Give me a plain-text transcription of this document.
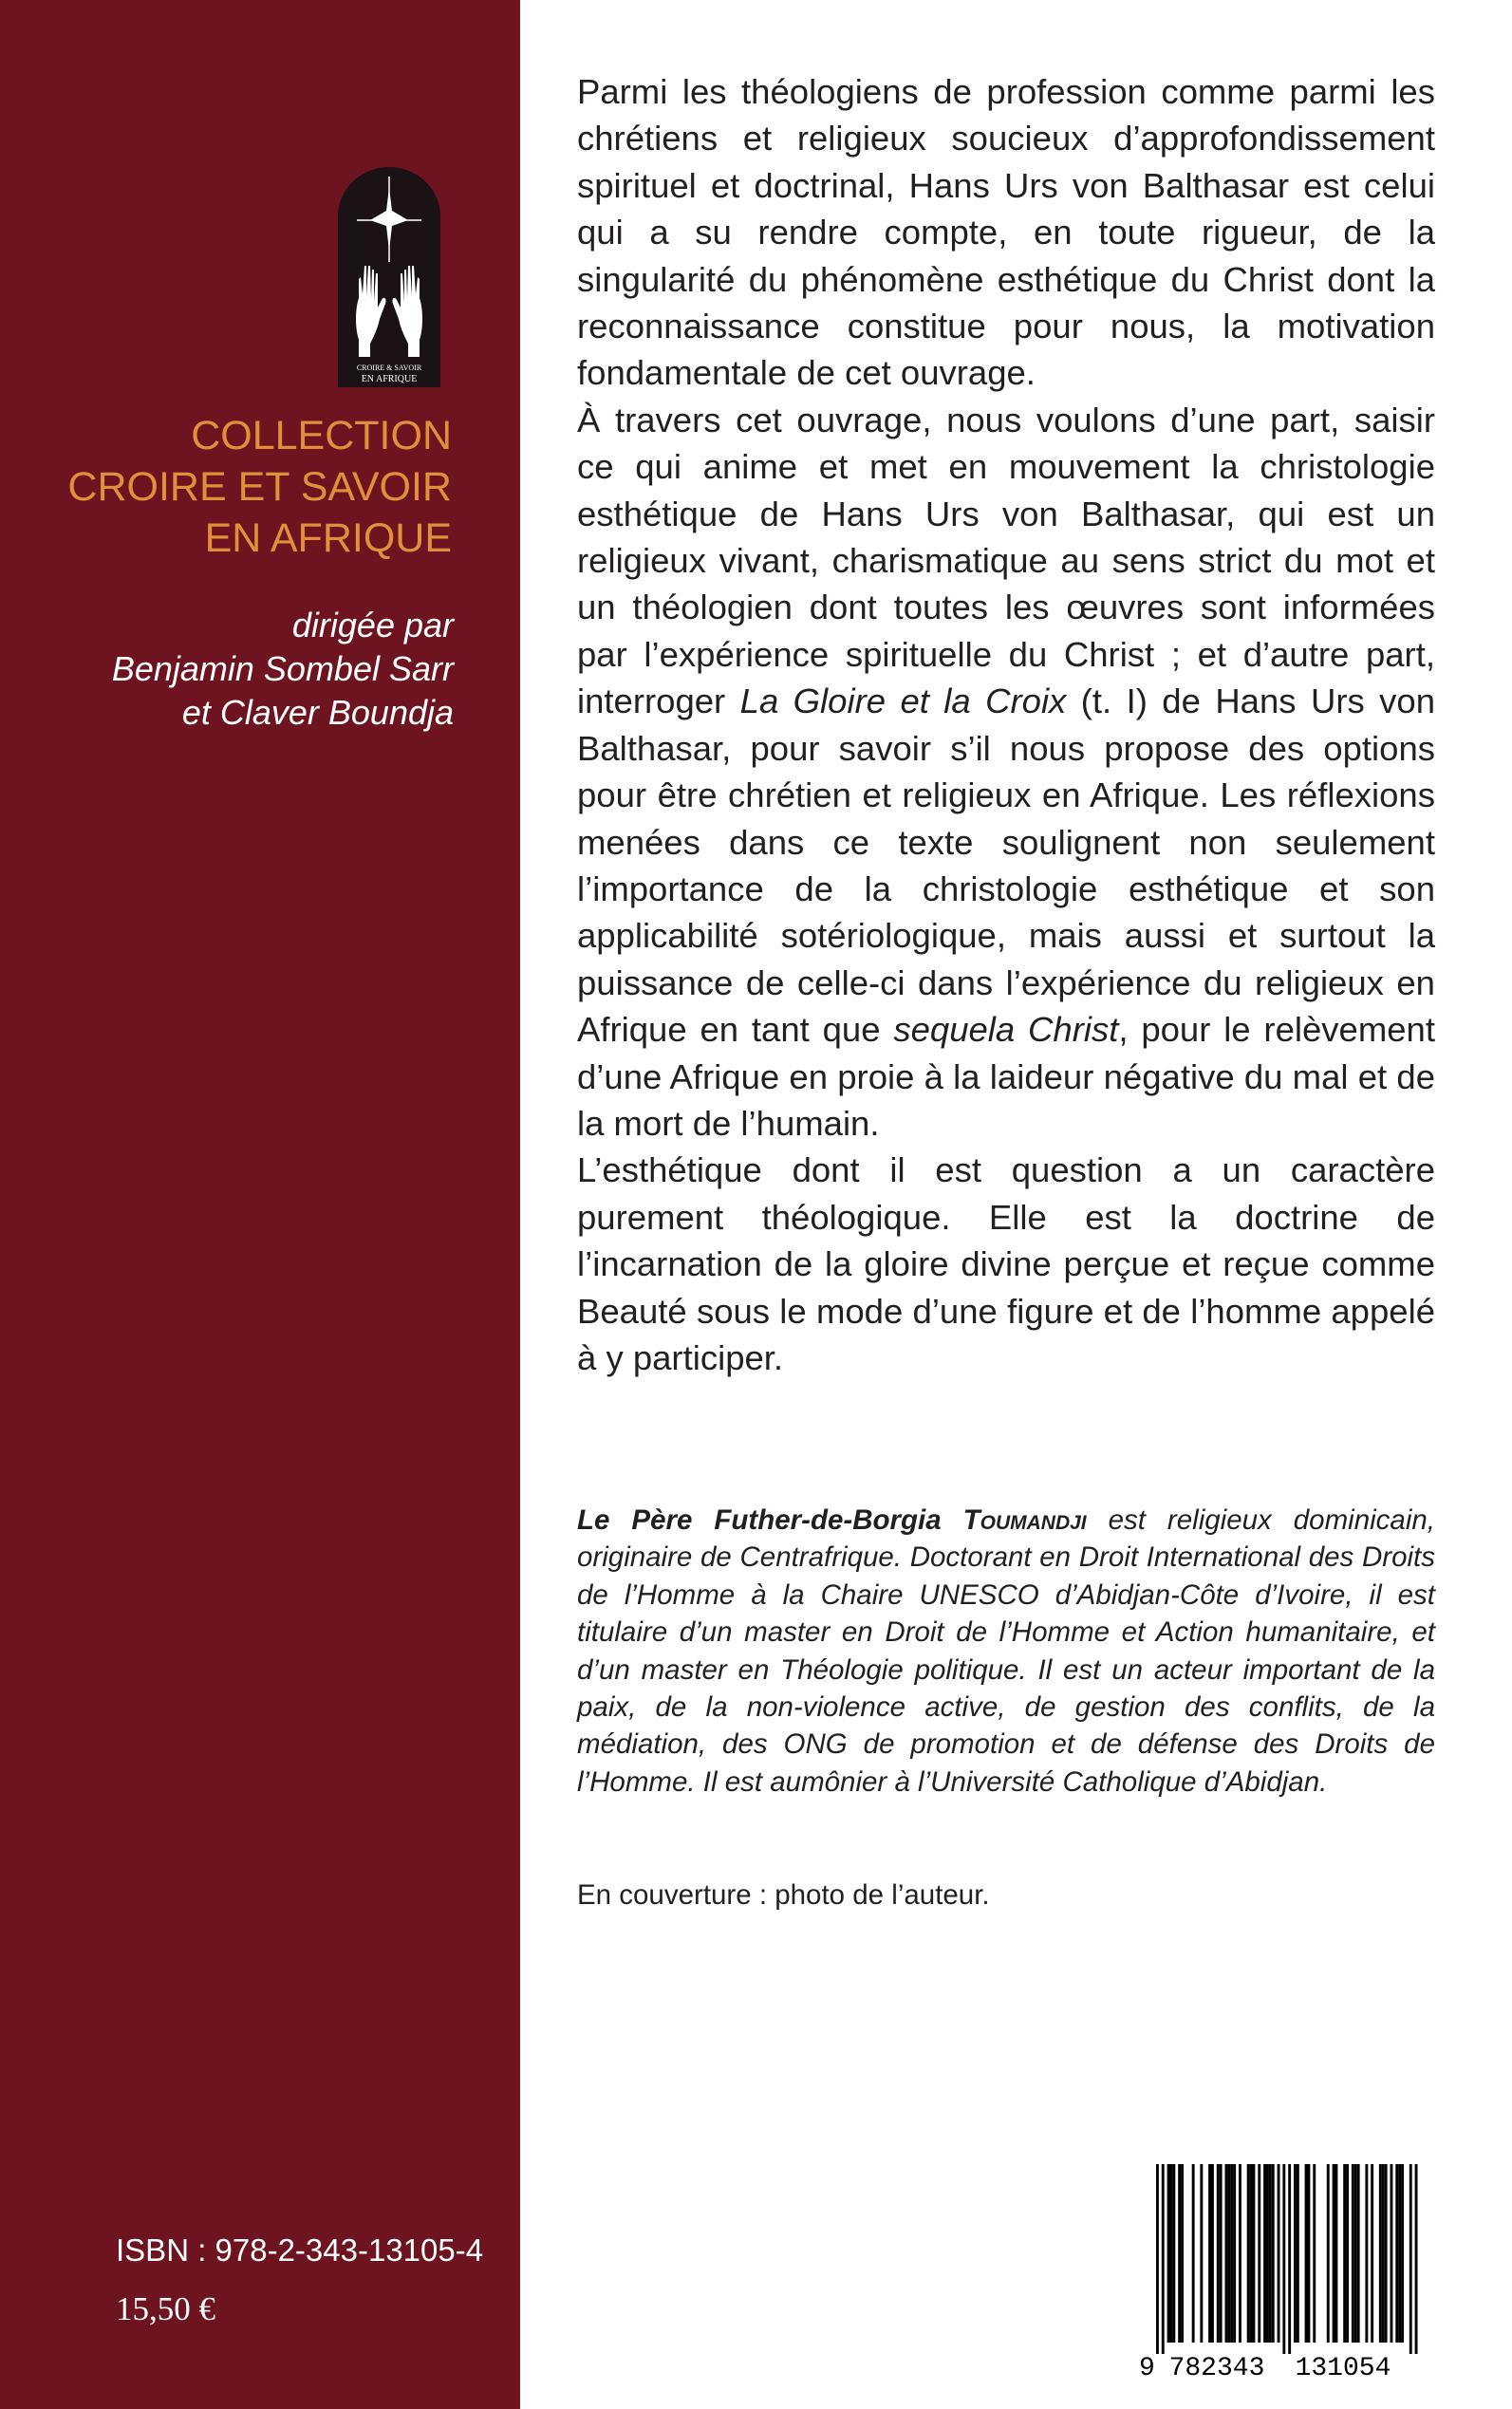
CROIRE & SAVOIR
EN AFRIQUE
COLLECTION
CROIRE ET SAVOIR
EN AFRIQUE
dirigée par
Benjamin Sombel Sarr
et Claver Boundja
ISBN : 978-2-343-13105-4
15,50 €

Parmi les théologiens de profession comme parmi les chrétiens et religieux soucieux d’approfondissement spirituel et doctrinal, Hans Urs von Balthasar est celui qui a su rendre compte, en toute rigueur, de la singularité du phénomène esthétique du Christ dont la reconnaissance constitue pour nous, la motivation fondamentale de cet ouvrage.

À travers cet ouvrage, nous voulons d’une part, saisir ce qui anime et met en mouvement la christologie esthétique de Hans Urs von Balthasar, qui est un religieux vivant, charismatique au sens strict du mot et un théologien dont toutes les œuvres sont informées par l’expérience spirituelle du Christ ; et d’autre part, interroger La Gloire et la Croix (t. I) de Hans Urs von Balthasar, pour savoir s’il nous propose des options pour être chrétien et religieux en Afrique. Les réflexions menées dans ce texte soulignent non seulement l’importance de la christologie esthétique et son applicabilité sotériologique, mais aussi et surtout la puissance de celle-ci dans l’expérience du religieux en Afrique en tant que sequela Christ, pour le relèvement d’une Afrique en proie à la laideur négative du mal et de la mort de l’humain.

L’esthétique dont il est question a un caractère purement théologique. Elle est la doctrine de l’incarnation de la gloire divine perçue et reçue comme Beauté sous le mode d’une figure et de l’homme appelé à y participer.

Le Père Futher-de-Borgia Toumandji est religieux dominicain, originaire de Centrafrique. Doctorant en Droit International des Droits de l’Homme à la Chaire UNESCO d’Abidjan-Côte d’Ivoire, il est titulaire d’un master en Droit de l’Homme et Action humanitaire, et d’un master en Théologie politique. Il est un acteur important de la paix, de la non-violence active, de gestion des conflits, de la médiation, des ONG de promotion et de défense des Droits de l’Homme. Il est aumônier à l’Université Catholique d’Abidjan.
En couverture : photo de l’auteur.
9 782343 131054
